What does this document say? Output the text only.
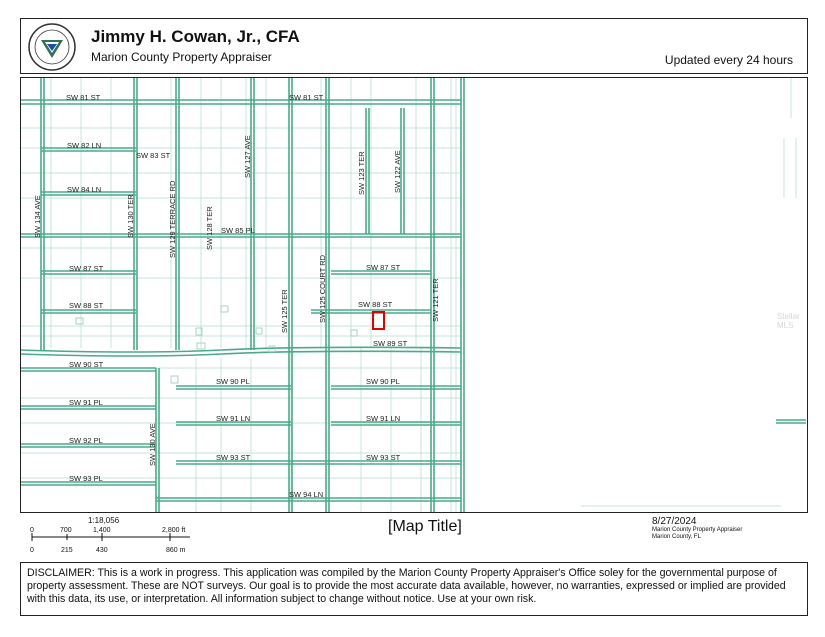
Jimmy H. Cowan, Jr., CFA
Marion County Property Appraiser	Updated every 24 hours
SW 81 ST	SW 81 ST
SW 82 LN
SW 83 ST
SW 84 LN
SW 85 PL
SW 87 ST	SW 87 ST
SW 88 ST	SW 88 ST
SW 89 ST
SW 90 ST
SW 90 PL	SW 90 PL
SW 91 PL
SW 91 LN	SW 91 LN
SW 92 PL
SW 93 ST	SW 93 ST
SW 93 PL
SW 94 LN
SW 134 AVE	SW 130 TER	SW 129 TERRACE RD	SW 128 TER
SW 127 AVE
SW 125 TER	SW 125 COURT RD
SW 123 TER	SW 122 AVE
SW 121 TER
SW 130 AVE
Stellar MLS
1:18,056
0	700	1,400	2,800 ft
0	215	430	860 m
[Map Title]	8/27/2024
Marion County Property Appraiser
Marion County, FL
DISCLAIMER: This is a work in progress. This application was compiled by the Marion County Property Appraiser's Office soley for the governmental purpose of property assessment. These are NOT surveys. Our goal is to provide the most accurate data available, however, no warranties, expressed or implied are provided with this data, its use, or interpretation. All information subject to change without notice. Use at your own risk.
